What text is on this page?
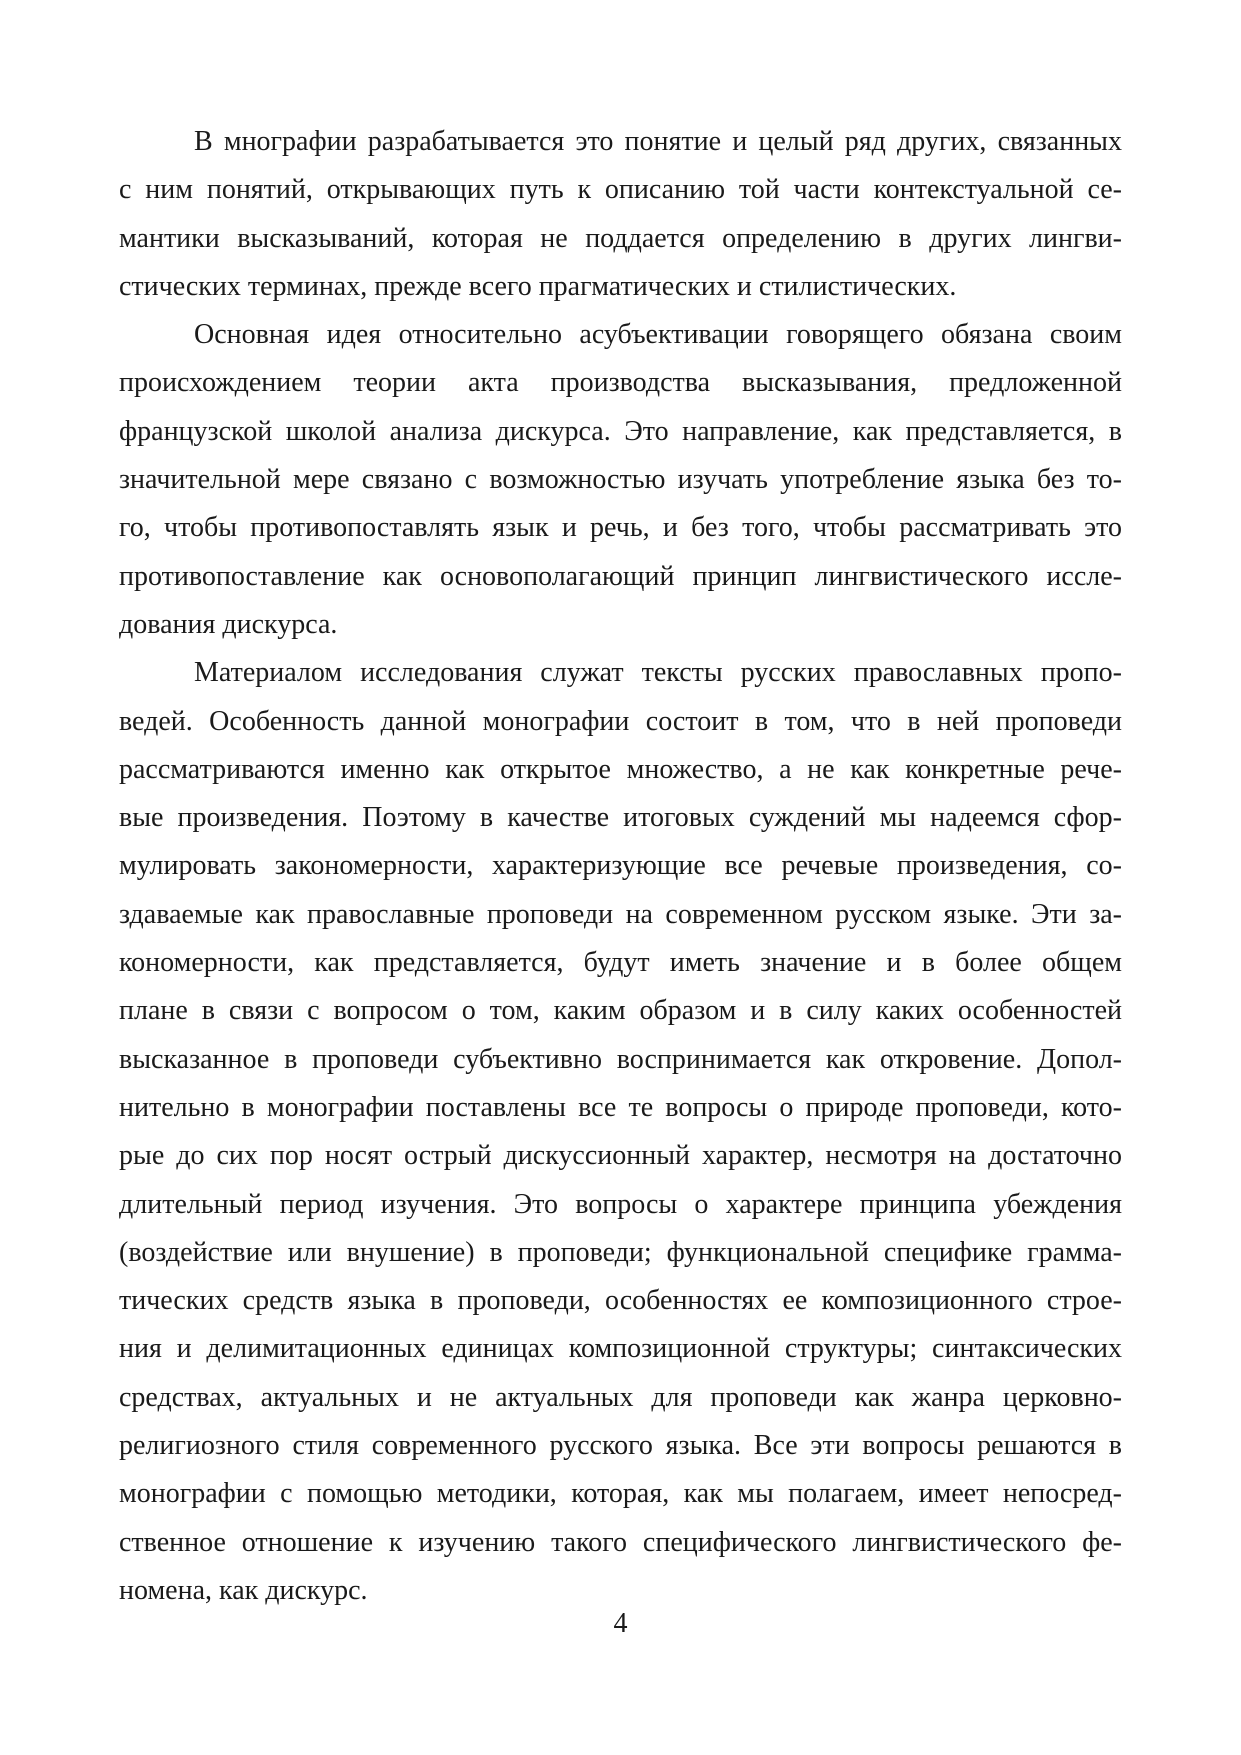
В мнографии разрабатывается это понятие и целый ряд других, связанных
с ним понятий, открывающих путь к описанию той части контекстуальной се-
мантики высказываний, которая не поддается определению в других лингви-
стических терминах, прежде всего прагматических и стилистических.
Основная идея относительно асубъективации говорящего обязана своим
происхождением теории акта производства высказывания, предложенной
французской школой анализа дискурса. Это направление, как представляется, в
значительной мере связано с возможностью изучать употребление языка без то-
го, чтобы противопоставлять язык и речь, и без того, чтобы рассматривать это
противопоставление как основополагающий принцип лингвистического иссле-
дования дискурса.
Материалом исследования служат тексты русских православных пропо-
ведей. Особенность данной монографии состоит в том, что в ней проповеди
рассматриваются именно как открытое множество, а не как конкретные рече-
вые произведения. Поэтому в качестве итоговых суждений мы надеемся сфор-
мулировать закономерности, характеризующие все речевые произведения, со-
здаваемые как православные проповеди на современном русском языке. Эти за-
кономерности, как представляется, будут иметь значение и в более общем
плане в связи с вопросом о том, каким образом и в силу каких особенностей
высказанное в проповеди субъективно воспринимается как откровение. Допол-
нительно в монографии поставлены все те вопросы о природе проповеди, кото-
рые до сих пор носят острый дискуссионный характер, несмотря на достаточно
длительный период изучения. Это вопросы о характере принципа убеждения
(воздействие или внушение) в проповеди; функциональной специфике грамма-
тических средств языка в проповеди, особенностях ее композиционного строе-
ния и делимитационных единицах композиционной структуры; синтаксических
средствах, актуальных и не актуальных для проповеди как жанра церковно-
религиозного стиля современного русского языка. Все эти вопросы решаются в
монографии с помощью методики, которая, как мы полагаем, имеет непосред-
ственное отношение к изучению такого специфического лингвистического фе-
номена, как дискурс.
4
